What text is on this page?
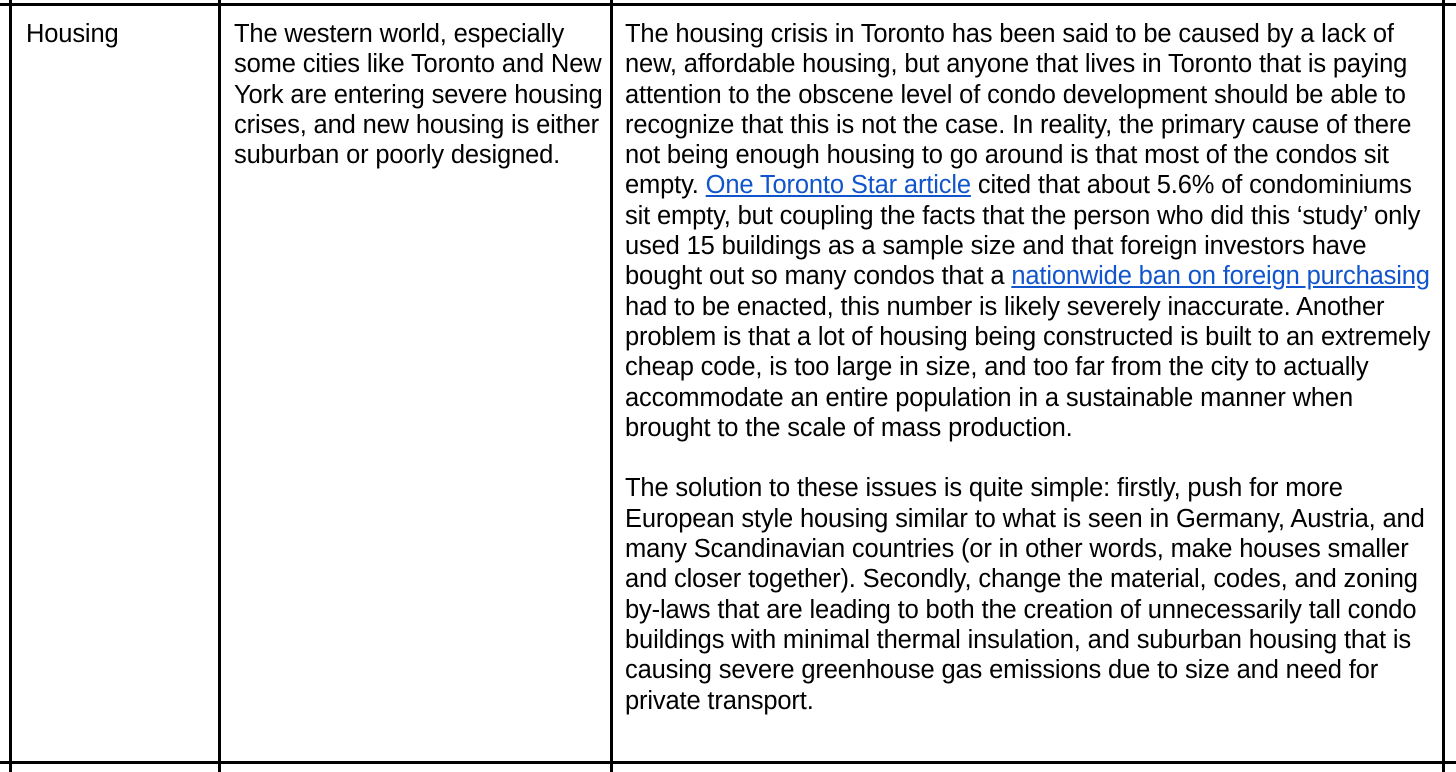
Housing	The western world, especially some cities like Toronto and New York are entering severe housing crises, and new housing is either suburban or poorly designed.

The housing crisis in Toronto has been said to be caused by a lack of new, affordable housing, but anyone that lives in Toronto that is paying attention to the obscene level of condo development should be able to recognize that this is not the case. In reality, the primary cause of there not being enough housing to go around is that most of the condos sit empty. One Toronto Star article cited that about 5.6% of condominiums sit empty, but coupling the facts that the person who did this ‘study’ only used 15 buildings as a sample size and that foreign investors have bought out so many condos that a nationwide ban on foreign purchasing had to be enacted, this number is likely severely inaccurate. Another problem is that a lot of housing being constructed is built to an extremely cheap code, is too large in size, and too far from the city to actually accommodate an entire population in a sustainable manner when brought to the scale of mass production.

The solution to these issues is quite simple: firstly, push for more European style housing similar to what is seen in Germany, Austria, and many Scandinavian countries (or in other words, make houses smaller and closer together). Secondly, change the material, codes, and zoning by-laws that are leading to both the creation of unnecessarily tall condo buildings with minimal thermal insulation, and suburban housing that is causing severe greenhouse gas emissions due to size and need for private transport.
